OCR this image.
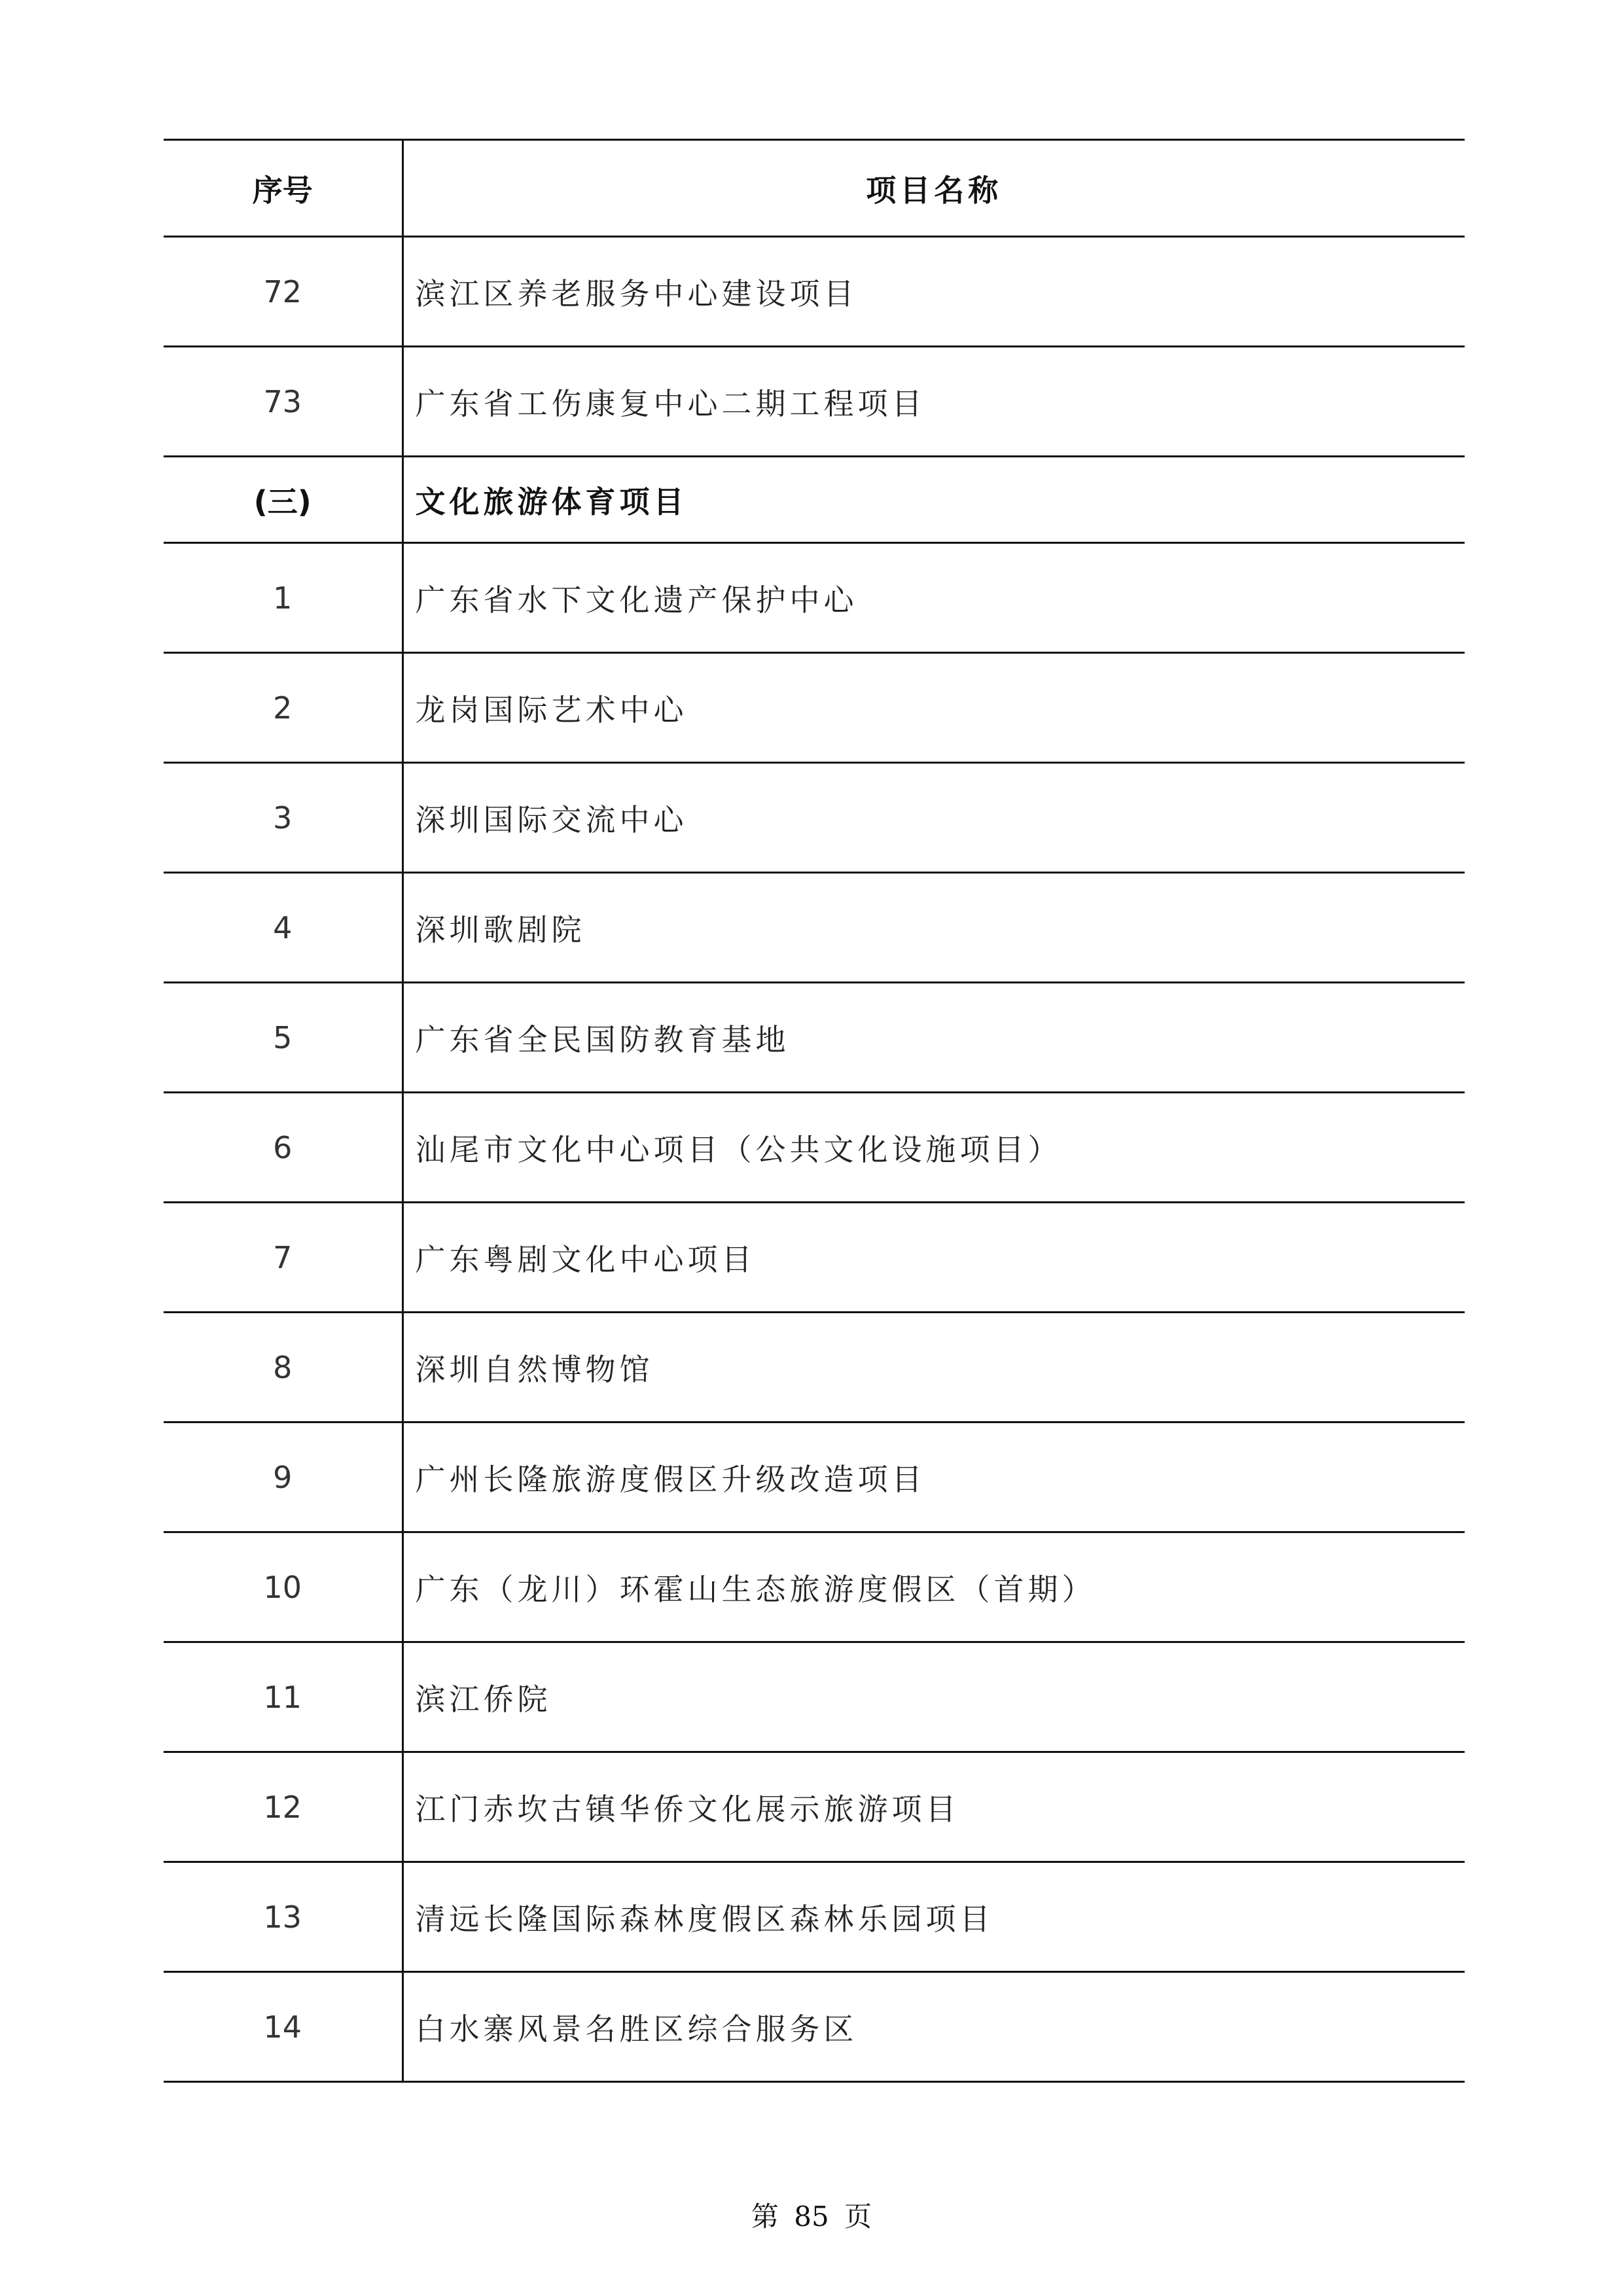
序号	项目名称
72	滨江区养老服务中心建设项目
73	广东省工伤康复中心二期工程项目
(三)	文化旅游体育项目
1	广东省水下文化遗产保护中心
2	龙岗国际艺术中心
3	深圳国际交流中心
4	深圳歌剧院
5	广东省全民国防教育基地
6	汕尾市文化中心项目（公共文化设施项目）
7	广东粤剧文化中心项目
8	深圳自然博物馆
9	广州长隆旅游度假区升级改造项目
10	广东（龙川）环霍山生态旅游度假区（首期）
11	滨江侨院
12	江门赤坎古镇华侨文化展示旅游项目
13	清远长隆国际森林度假区森林乐园项目
14	白水寨风景名胜区综合服务区
第 85 页
